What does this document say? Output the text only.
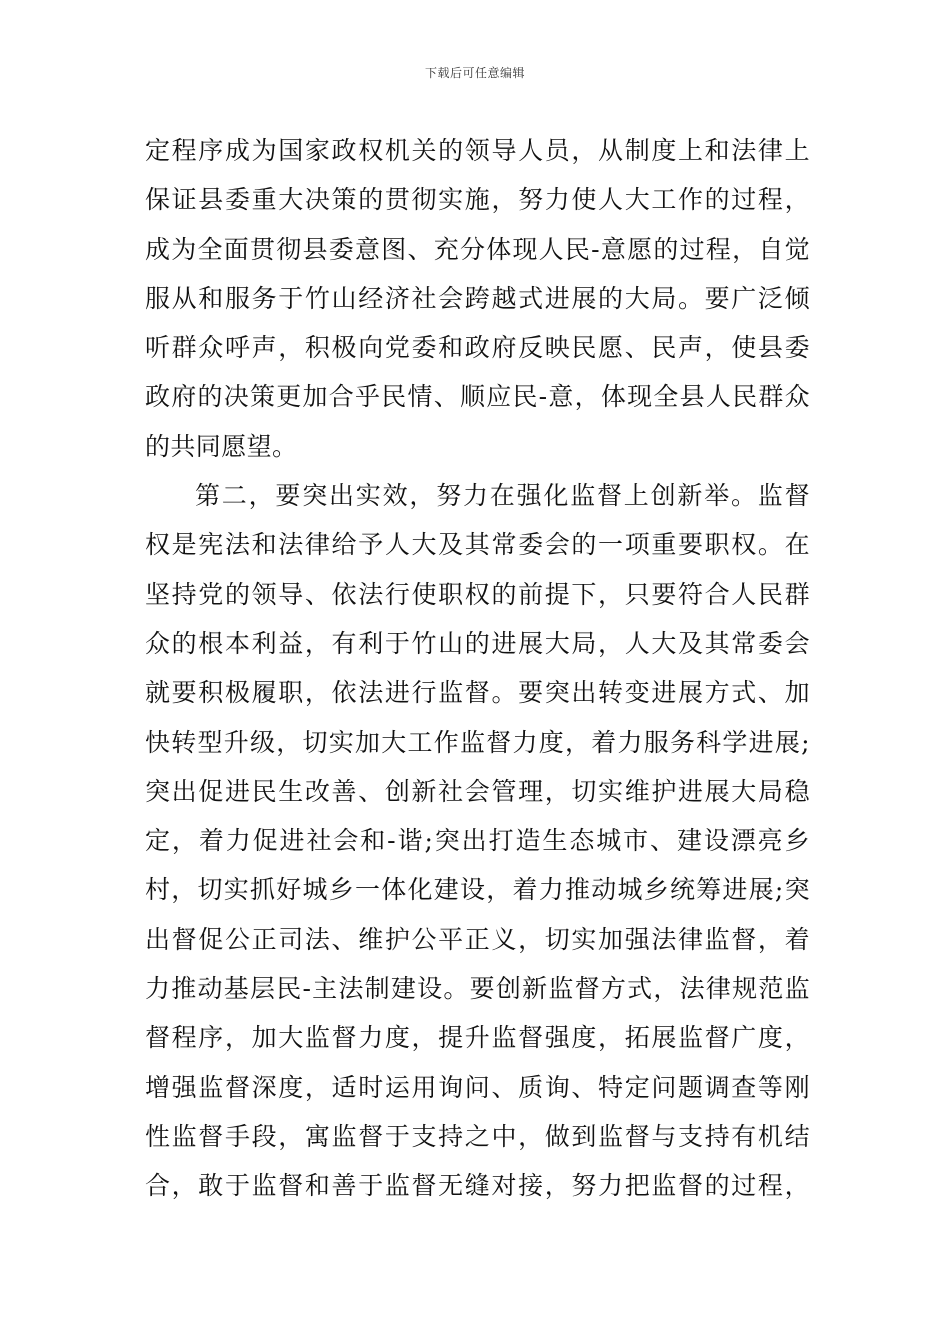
下载后可任意编辑
定程序成为国家政权机关的领导人员，从制度上和法律上
保证县委重大决策的贯彻实施，努力使人大工作的过程，
成为全面贯彻县委意图、充分体现人民-意愿的过程，自觉
服从和服务于竹山经济社会跨越式进展的大局。要广泛倾
听群众呼声，积极向党委和政府反映民愿、民声，使县委
政府的决策更加合乎民情、顺应民-意，体现全县人民群众
的共同愿望。
第二，要突出实效，努力在强化监督上创新举。监督
权是宪法和法律给予人大及其常委会的一项重要职权。在
坚持党的领导、依法行使职权的前提下，只要符合人民群
众的根本利益，有利于竹山的进展大局，人大及其常委会
就要积极履职，依法进行监督。要突出转变进展方式、加
快转型升级，切实加大工作监督力度，着力服务科学进展;
突出促进民生改善、创新社会管理，切实维护进展大局稳
定，着力促进社会和-谐;突出打造生态城市、建设漂亮乡
村，切实抓好城乡一体化建设，着力推动城乡统筹进展;突
出督促公正司法、维护公平正义，切实加强法律监督，着
力推动基层民-主法制建设。要创新监督方式，法律规范监
督程序，加大监督力度，提升监督强度，拓展监督广度，
增强监督深度，适时运用询问、质询、特定问题调查等刚
性监督手段，寓监督于支持之中，做到监督与支持有机结
合，敢于监督和善于监督无缝对接，努力把监督的过程，
